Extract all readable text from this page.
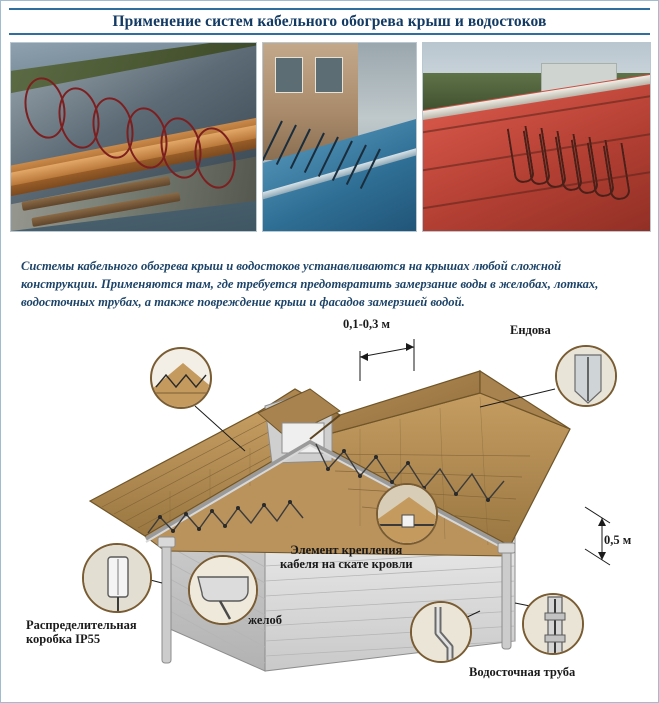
Применение систем кабельного обогрева крыш и водостоков

Системы кабельного обогрева крыш и водостоков устанавливаются на крышах любой сложной конструкции. Применяются там, где требуется предотвратить замерзание воды в желобах, лотках, водосточных трубах, а также повреждение крыш и фасадов замерзшей водой.

0,1-0,3 м	Ендова
0,5 м
Элемент крепления
кабеля на скате кровли
Распределительная
коробка IP55
желоб
Водосточная труба
